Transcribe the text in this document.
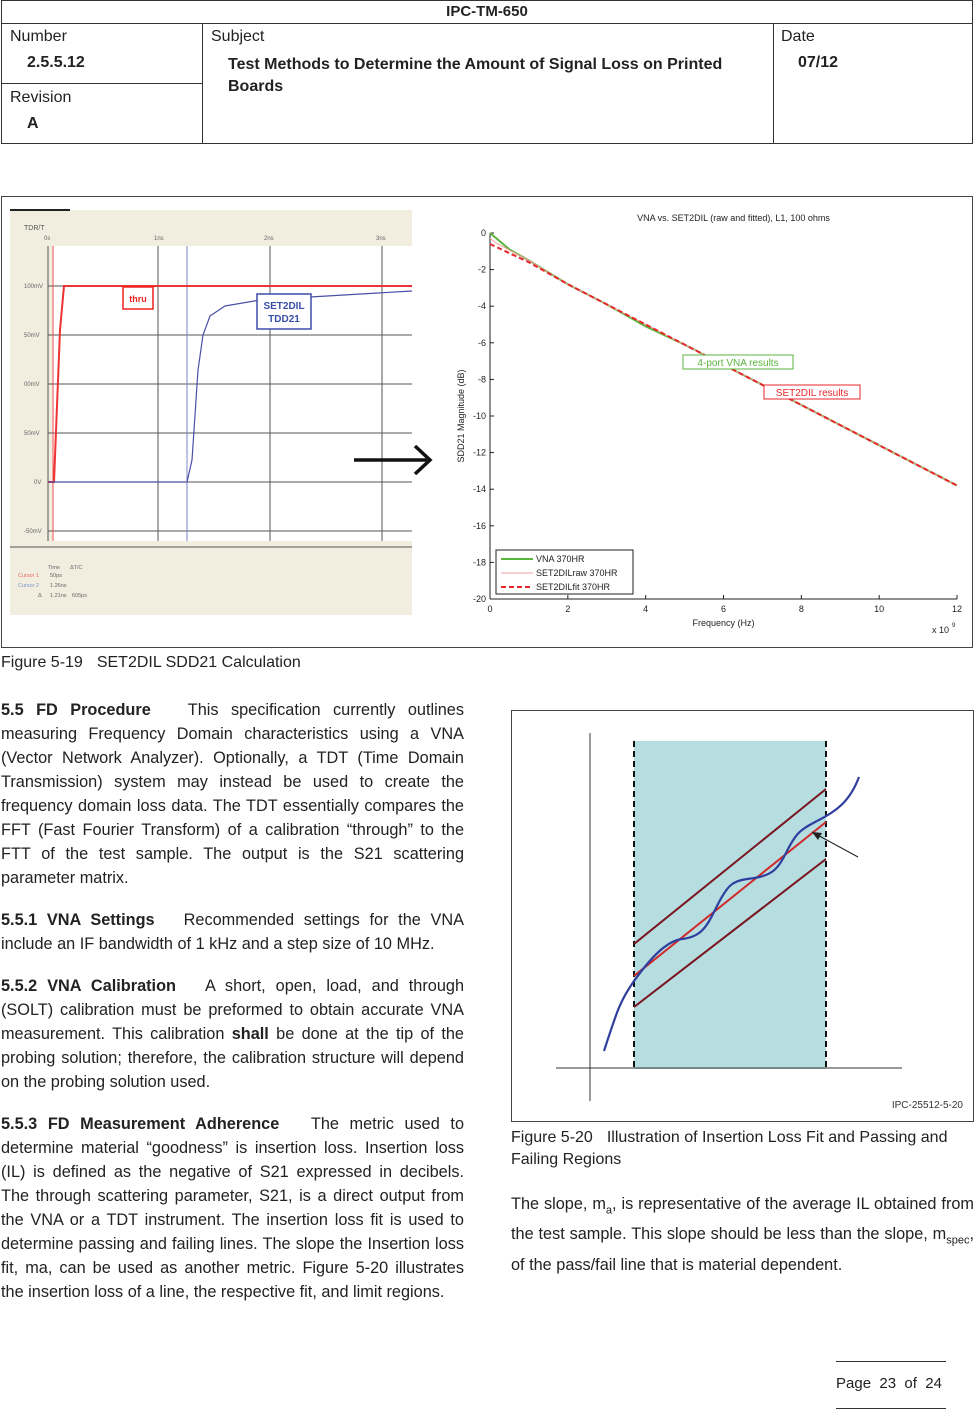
IPC-TM-650
Number
2.5.5.12
Revision
A
Subject
Test Methods to Determine the Amount of Signal Loss on Printed Boards
Date
07/12
TDR/T
0s	1ns	2ns	3ns
100mV
50mV
00mV
50mV
0V
-50mV
thru
SET2DIL
TDD21
Time ΔT/C
Cursor 1 50ps
Cursor 2 1.26ns
Δ 1.21ns 605ps
0	2	4	6	8	10	12
0
-2
-4
-6
-8
-10
-12
-14
-16
-18
-20
VNA vs. SET2DIL (raw and fitted), L1, 100 ohms
Frequency (Hz)
x 10 9
SDD21 Magnitude (dB)
4-port VNA results
SET2DIL results
VNA 370HR
SET2DILraw 370HR
SET2DILfit 370HR
Figure 5-19 SET2DIL SDD21 Calculation

5.5 FD Procedure This specification currently outlines measuring Frequency Domain characteristics using a VNA (Vector Network Analyzer). Optionally, a TDT (Time Domain Transmission) system may instead be used to create the frequency domain loss data. The TDT essentially compares the FFT (Fast Fourier Transform) of a calibration “through” to the FTT of the test sample. The output is the S21 scattering parameter matrix.

5.5.1 VNA Settings Recommended settings for the VNA include an IF bandwidth of 1 kHz and a step size of 10 MHz.

5.5.2 VNA Calibration A short, open, load, and through (SOLT) calibration must be preformed to obtain accurate VNA measurement. This calibration shall be done at the tip of the probing solution; therefore, the calibration structure will depend on the probing solution used.

5.5.3 FD Measurement Adherence The metric used to determine material “goodness” is insertion loss. Insertion loss (IL) is defined as the negative of S21 expressed in decibels. The through scattering parameter, S21, is a direct output from the VNA or a TDT instrument. The insertion loss fit is used to determine passing and failing lines. The slope the Insertion loss fit, ma, can be used as another metric. Figure 5-20 illustrates the insertion loss of a line, the respective fit, and limit regions.

IPC-25512-5-20
Figure 5-20 Illustration of Insertion Loss Fit and Passing and Failing Regions
The slope, $m_a$, is representative of the average IL obtained from the test sample. This slope should be less than the slope, $m_{spec}$, of the pass/fail line that is material dependent.
Page 23 of 24
